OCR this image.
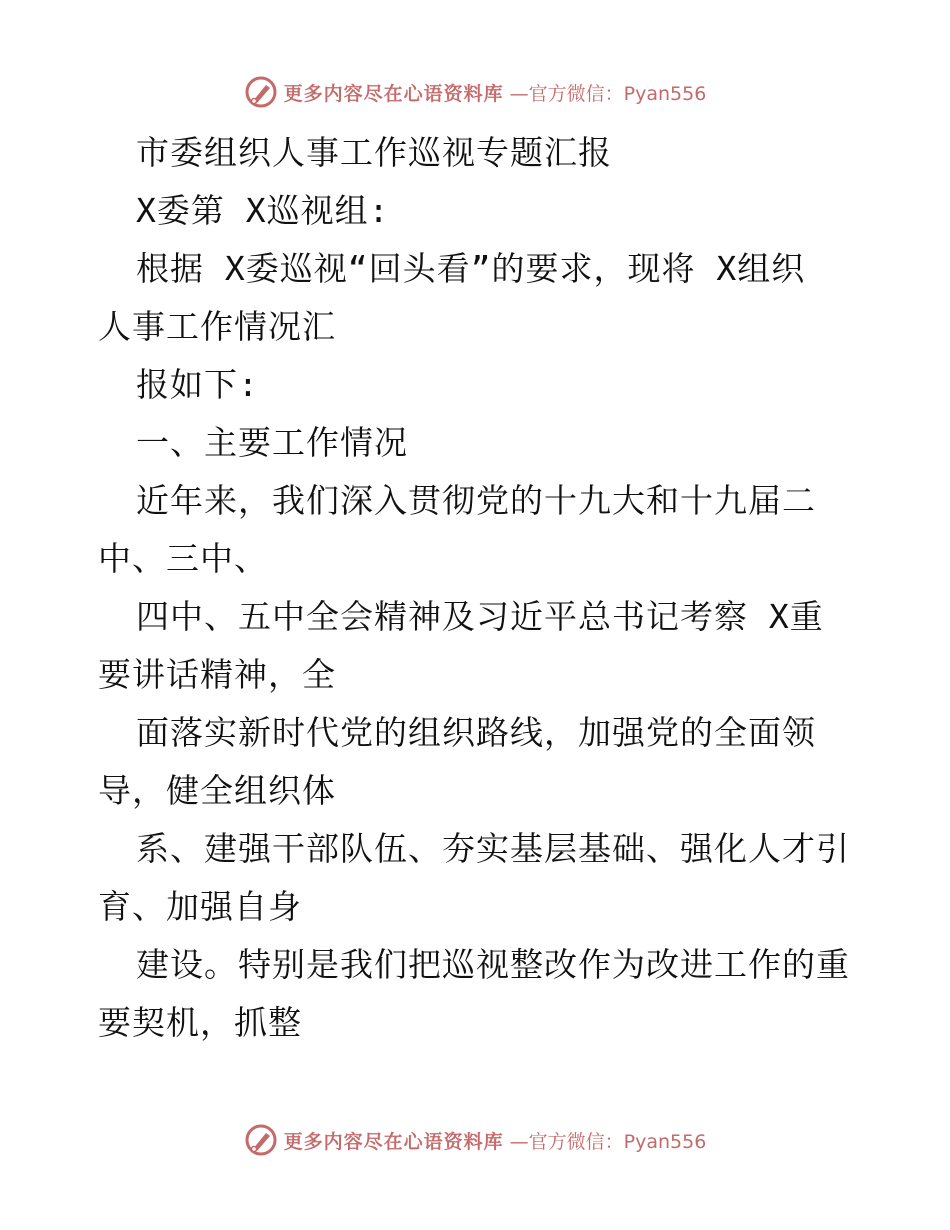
更多内容尽在心语资料库 —官方微信：Pyan556
市委组织人事工作巡视专题汇报
X委第 X巡视组:
根据 X委巡视“回头看”的要求，现将 X组织
人事工作情况汇
报如下:
一、主要工作情况
近年来，我们深入贯彻党的十九大和十九届二
中、三中、
四中、五中全会精神及习近平总书记考察 X重
要讲话精神，全
面落实新时代党的组织路线，加强党的全面领
导，健全组织体
系、建强干部队伍、夯实基层基础、强化人才引
育、加强自身
建设。特别是我们把巡视整改作为改进工作的重
要契机，抓整
更多内容尽在心语资料库 —官方微信：Pyan556
